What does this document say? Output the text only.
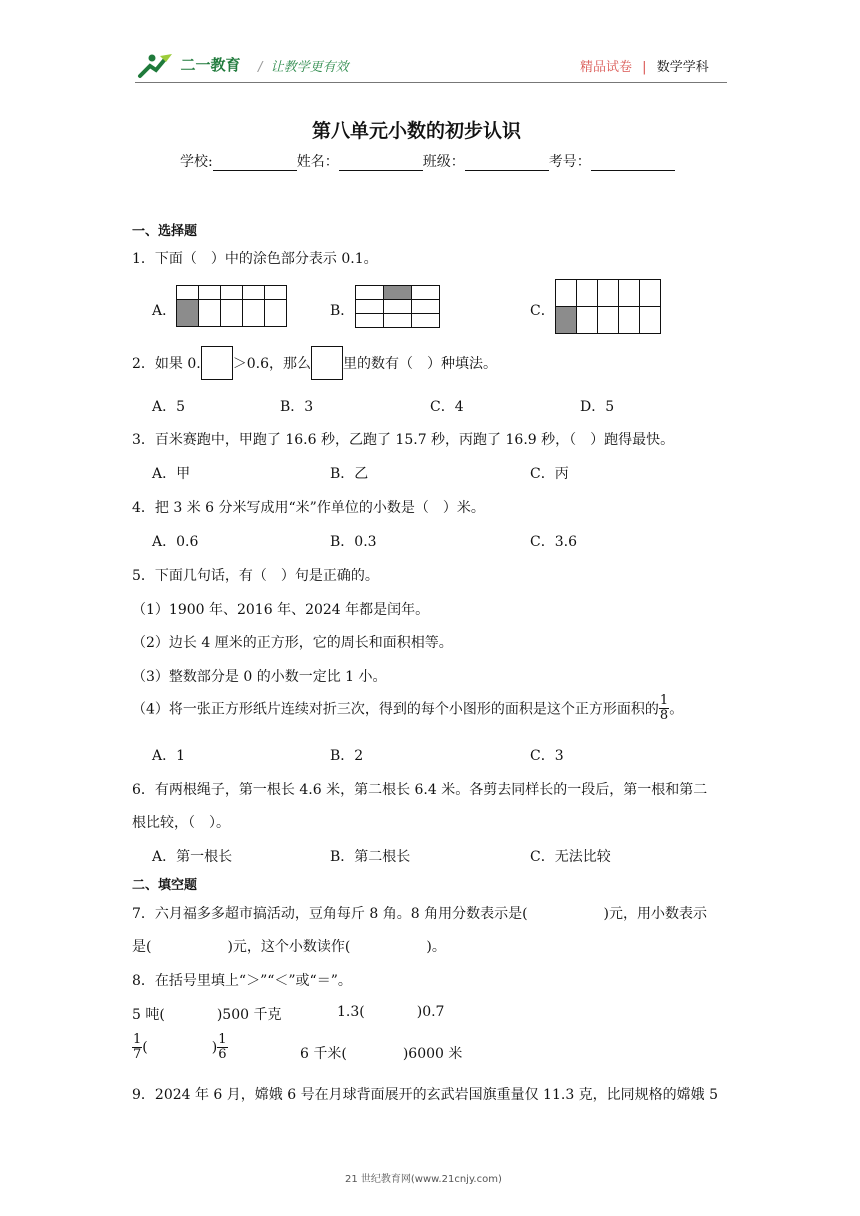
二一教育 / 让教学更有效	精品试卷 | 数学学科
第八单元小数的初步认识
学校:	姓名：	班级：	考号：
一、选择题
1．下面（　）中的涂色部分表示 0.1。
A．

					B．

			C．

2．如果 0. ＞0.6，那么 里的数有（　）种填法。
A．5	B．3	C．4	D．5
3．百米赛跑中，甲跑了 16.6 秒，乙跑了 15.7 秒，丙跑了 16.9 秒，（　）跑得最快。
A．甲	B．乙	C．丙
4．把 3 米 6 分米写成用“米”作单位的小数是（　）米。
A．0.6	B．0.3	C．3.6
5．下面几句话，有（　）句是正确的。
（1）1900 年、2016 年、2024 年都是闰年。
（2）边长 4 厘米的正方形，它的周长和面积相等。
（3）整数部分是 0 的小数一定比 1 小。
（4）将一张正方形纸片连续对折三次，得到的每个小图形的面积是这个正方形面积的 $\frac{1}{8}$ 。
A．1	B．2	C．3
6．有两根绳子，第一根长 4.6 米，第二根长 6.4 米。各剪去同样长的一段后，第一根和第二
根比较，（　）。
A．第一根长	B．第二根长	C．无法比较
二、填空题
7．六月福多多超市搞活动，豆角每斤 8 角。8 角用分数表示是(	)元，用小数表示
是(	)元，这个小数读作(	)。
8．在括号里填上“＞”“＜”或“＝”。
5 吨(	)500 千克	1.3(	)0.7
$\frac{1}{7}$ (	) $\frac{1}{6}$	6 千米(	)6000 米
9．2024 年 6 月，嫦娥 6 号在月球背面展开的玄武岩国旗重量仅 11.3 克，比同规格的嫦娥 5
21 世纪教育网(www.21cnjy.com)
